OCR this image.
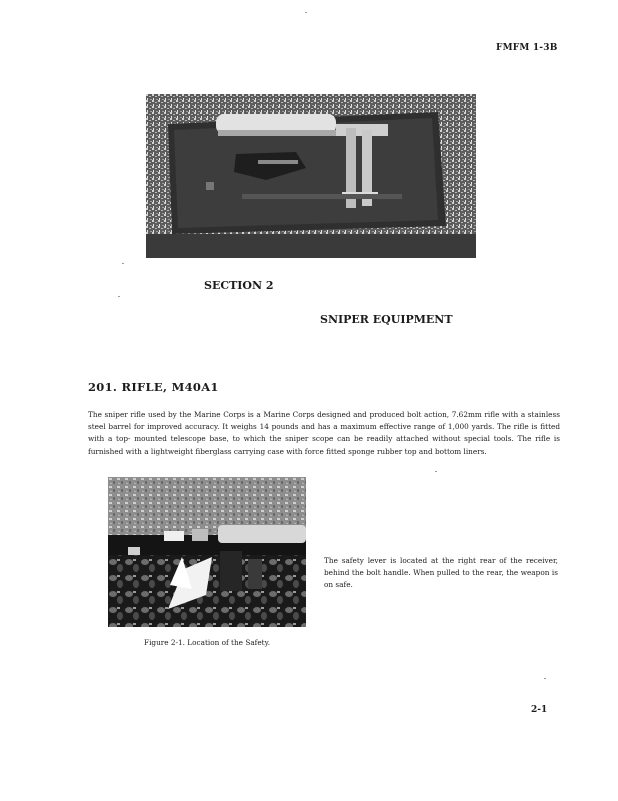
FMFM 1-3B
SECTION 2
SNIPER EQUIPMENT
201. RIFLE, M40A1
The sniper rifle used by the Marine Corps is a Marine Corps designed and produced bolt action, 7.62mm rifle with a stainless steel barrel for improved accuracy. It weighs 14 pounds and has a maximum effective range of 1,000 yards. The rifle is fitted with a top- mounted telescope base, to which the sniper scope can be readily attached without special tools. The rifle is furnished with a lightweight fiberglass carrying case with force fitted sponge rubber top and bottom liners.
The safety lever is located at the right rear of the receiver, behind the bolt handle. When pulled to the rear, the weapon is on safe.
Figure 2-1. Location of the Safety.
2-1
